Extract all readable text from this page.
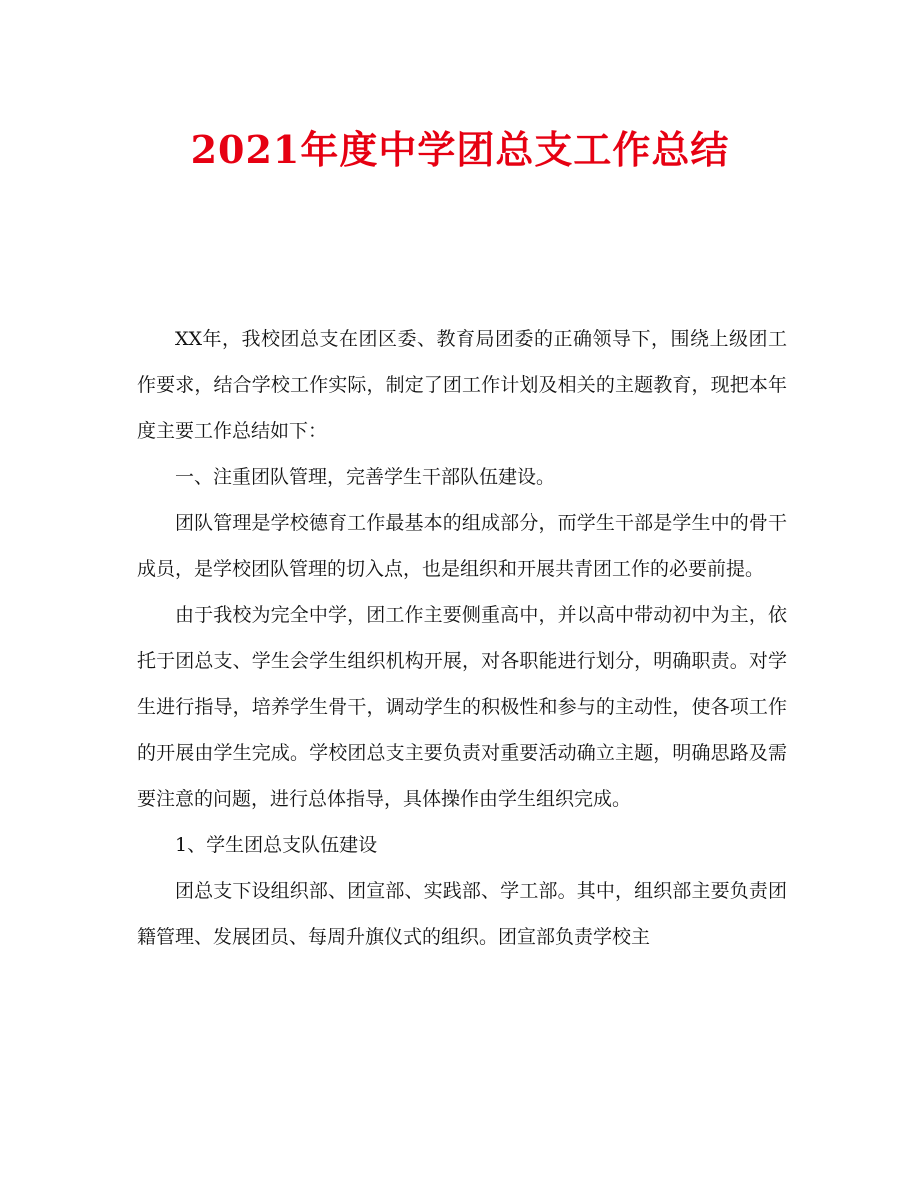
2021年度中学团总支工作总结

XX年，我校团总支在团区委、教育局团委的正确领导下，围绕上级团工作要求，结合学校工作实际，制定了团工作计划及相关的主题教育，现把本年度主要工作总结如下：

一、注重团队管理，完善学生干部队伍建设。

团队管理是学校德育工作最基本的组成部分，而学生干部是学生中的骨干成员，是学校团队管理的切入点，也是组织和开展共青团工作的必要前提。

由于我校为完全中学，团工作主要侧重高中，并以高中带动初中为主，依托于团总支、学生会学生组织机构开展，对各职能进行划分，明确职责。对学生进行指导，培养学生骨干，调动学生的积极性和参与的主动性，使各项工作的开展由学生完成。学校团总支主要负责对重要活动确立主题，明确思路及需要注意的问题，进行总体指导，具体操作由学生组织完成。

1、学生团总支队伍建设

团总支下设组织部、团宣部、实践部、学工部。其中，组织部主要负责团籍管理、发展团员、每周升旗仪式的组织。团宣部负责学校主
